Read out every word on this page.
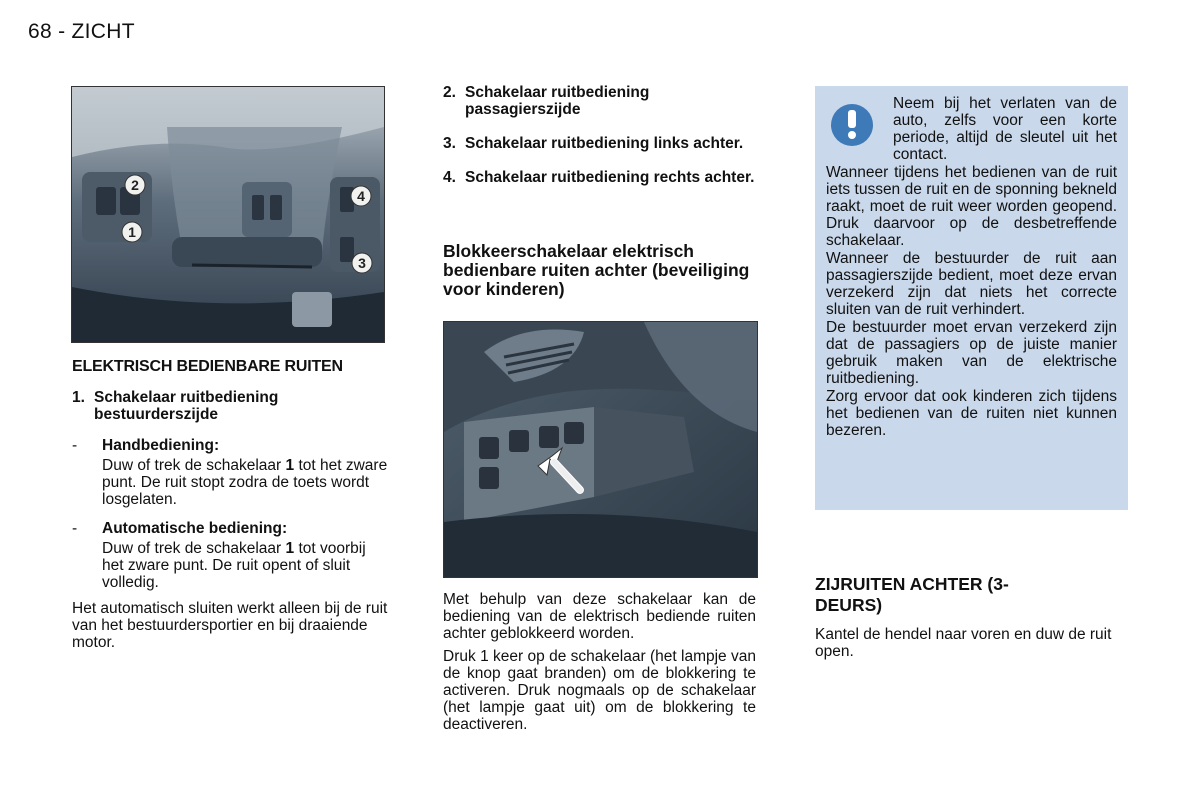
68 - ZICHT
2
1
4
3
ELEKTRISCH BEDIENBARE RUITEN
1. Schakelaar ruitbediening bestuurderszijde
-	Handbediening:
Duw of trek de schakelaar 1 tot het zware punt. De ruit stopt zodra de toets wordt losgelaten.
-	Automatische bediening:
Duw of trek de schakelaar 1 tot voorbij het zware punt. De ruit opent of sluit volledig.
Het automatisch sluiten werkt alleen bij de ruit van het bestuurdersportier en bij draaiende motor.
2. Schakelaar ruitbediening passagierszijde
3. Schakelaar ruitbediening links achter.
4. Schakelaar ruitbediening rechts achter.
Blokkeerschakelaar elektrisch bedienbare ruiten achter (beveiliging voor kinderen)
Met behulp van deze schakelaar kan de bediening van de elektrisch bediende ruiten achter geblokkeerd worden.
Druk 1 keer op de schakelaar (het lampje van de knop gaat branden) om de blokkering te activeren. Druk nogmaals op de schakelaar (het lampje gaat uit) om de blokkering te deactiveren.
Neem bij het verlaten van de auto, zelfs voor een korte periode, altijd de sleutel uit het contact.
Wanneer tijdens het bedienen van de ruit iets tussen de ruit en de sponning bekneld raakt, moet de ruit weer worden geopend. Druk daarvoor op de desbetreffende schakelaar.
Wanneer de bestuurder de ruit aan passagierszijde bedient, moet deze ervan verzekerd zijn dat niets het correcte sluiten van de ruit verhindert.
De bestuurder moet ervan verzekerd zijn dat de passagiers op de juiste manier gebruik maken van de elektrische ruitbediening.
Zorg ervoor dat ook kinderen zich tijdens het bedienen van de ruiten niet kunnen bezeren.
ZIJRUITEN ACHTER (3-DEURS)
Kantel de hendel naar voren en duw de ruit open.
